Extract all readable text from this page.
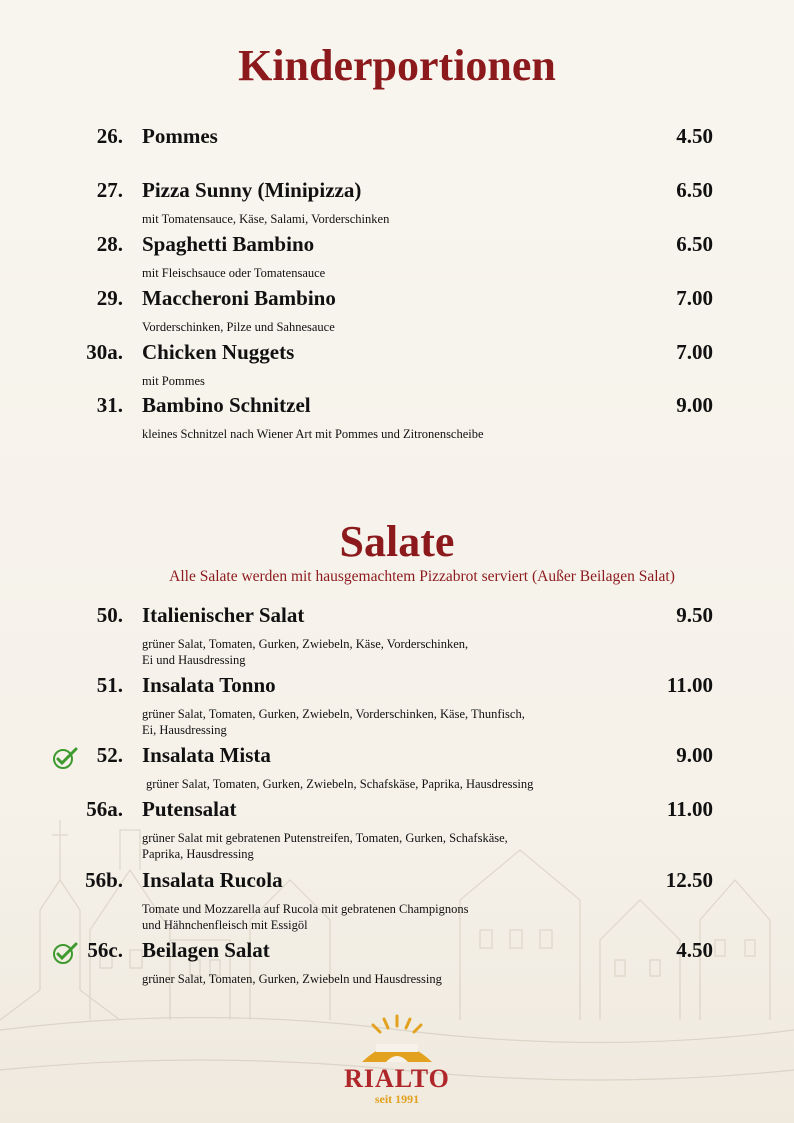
Kinderportionen
26. Pommes	4.50
27. Pizza Sunny (Minipizza)	6.50
mit Tomatensauce, Käse, Salami, Vorderschinken
28. Spaghetti Bambino	6.50
mit Fleischsauce oder Tomatensauce
29. Maccheroni Bambino	7.00
Vorderschinken, Pilze und Sahnesauce
30a. Chicken Nuggets	7.00
mit Pommes
31. Bambino Schnitzel	9.00
kleines Schnitzel nach Wiener Art mit Pommes und Zitronenscheibe
Salate
Alle Salate werden mit hausgemachtem Pizzabrot serviert (Außer Beilagen Salat)
50. Italienischer Salat	9.50
grüner Salat, Tomaten, Gurken, Zwiebeln, Käse, Vorderschinken,
Ei und Hausdressing
51. Insalata Tonno	11.00
grüner Salat, Tomaten, Gurken, Zwiebeln, Vorderschinken, Käse, Thunfisch,
Ei, Hausdressing
52. Insalata Mista	9.00
grüner Salat, Tomaten, Gurken, Zwiebeln, Schafskäse, Paprika, Hausdressing
56a. Putensalat	11.00
grüner Salat mit gebratenen Putenstreifen, Tomaten, Gurken, Schafskäse,
Paprika, Hausdressing
56b. Insalata Rucola	12.50
Tomate und Mozzarella auf Rucola mit gebratenen Champignons
und Hähnchenfleisch mit Essigöl
56c. Beilagen Salat	4.50
grüner Salat, Tomaten, Gurken, Zwiebeln und Hausdressing
RIALTO
seit 1991
